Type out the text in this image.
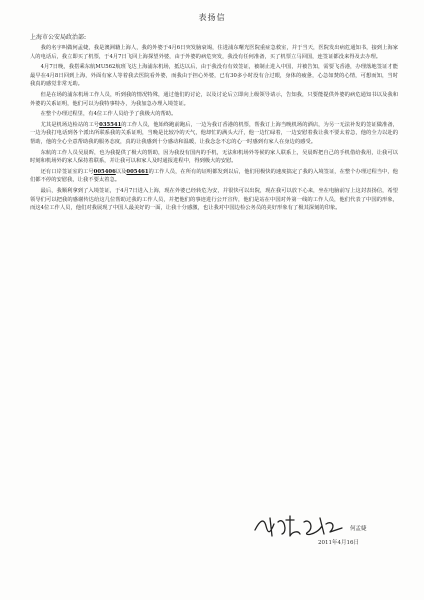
表扬信
上海市公安局政治部:

我的名字叫做何孟婕，我是澳洲籍上海人，我的外婆于4月6日突发脑衰竭，住进浦东曙光医院重症急救室，并于当天，医院发出病危通知书，接到上海家人的电话后，我立即买了机票，于4月7日飞回上海探望外婆，由于外婆的病危突发，我没有任何准备，买了机票立马回国，连签证都没来得及去办理。

4月7日晚，我搭乘东航MU562航班飞达上海浦东机场，抵达以后，由于我没有有效签证，被制止进入中国，并被告知，需要飞香港，办理落地签证才能最早在4月8日回到上海，外面有家人等着我去医院看外婆，而我由于担心外婆，已有30多小时没有合过眼，身体的疲惫，心急如焚的心情，可想而知，当时我真的感觉非常无助。

但是在场的浦东机场工作人员，听到我的情况特殊，通过他们的讨论，以及讨论后立即向上级领导请示，告知我，只要能提供外婆的病危通知书以及我和外婆的关系证明，他们可以为我特事特办，为我加急办理入境签证。

在整个办理过程里，有4位工作人员给予了我极大的帮助。

尤其是机场边检站的工号035541的工作人员，他始终跑前跑后，一边为我订香港的机票，帮我订上海当晚机场的酒店，为另一无法补发的签证做准备，一边为我打电话到各个派出所联系我的关系证明，当晚是比较冷的天气，他却忙的满头大汗，他一边忙碌着，一边安慰着我让我不要太着急，他的全力以赴的帮助，他的全心全意帮助我的服务态度，真的让我感到十分感动和温暖，让我念念不忘的心一时感到有家人在身边的感受。

东航的工作人员吴晨晖，也为我提供了极大的帮助，因为我没有国内的手机，无法和机场外等候的家人联系上，吴晨晖把自己的手机借给我用，让我可以时刻和机场外的家人保持着联系，并让我可以和家人及时通报进程中，得到极大的安慰。

还有口岸签证室的工号005406以及005461的工作人员，在所有的证明都发到以后，他们用极快的速度搞定了我的入境签证，在整个办理过程当中，他们都不停的安慰我，让我不要太着急。

最后，我顺利拿到了入境签证，于4月7日进入上海，现在外婆已经转危为安，并很快可以出院，现在我可以放下心来，坐在电脑前写上这封表扬信，希望领导们可以把我的感谢传达给这几位帮助过我的工作人员，并把他们的事迹进行公开宣传，他们是站在中国对外第一线的工作人员，他们代表了中国的形象，而这4位工作人员，他们对我展现了中国人最美好的一面，让我十分感激，也让我对中国边检公务员的美好形象有了极其深刻的印象。

何孟婕
2011年4月16日
